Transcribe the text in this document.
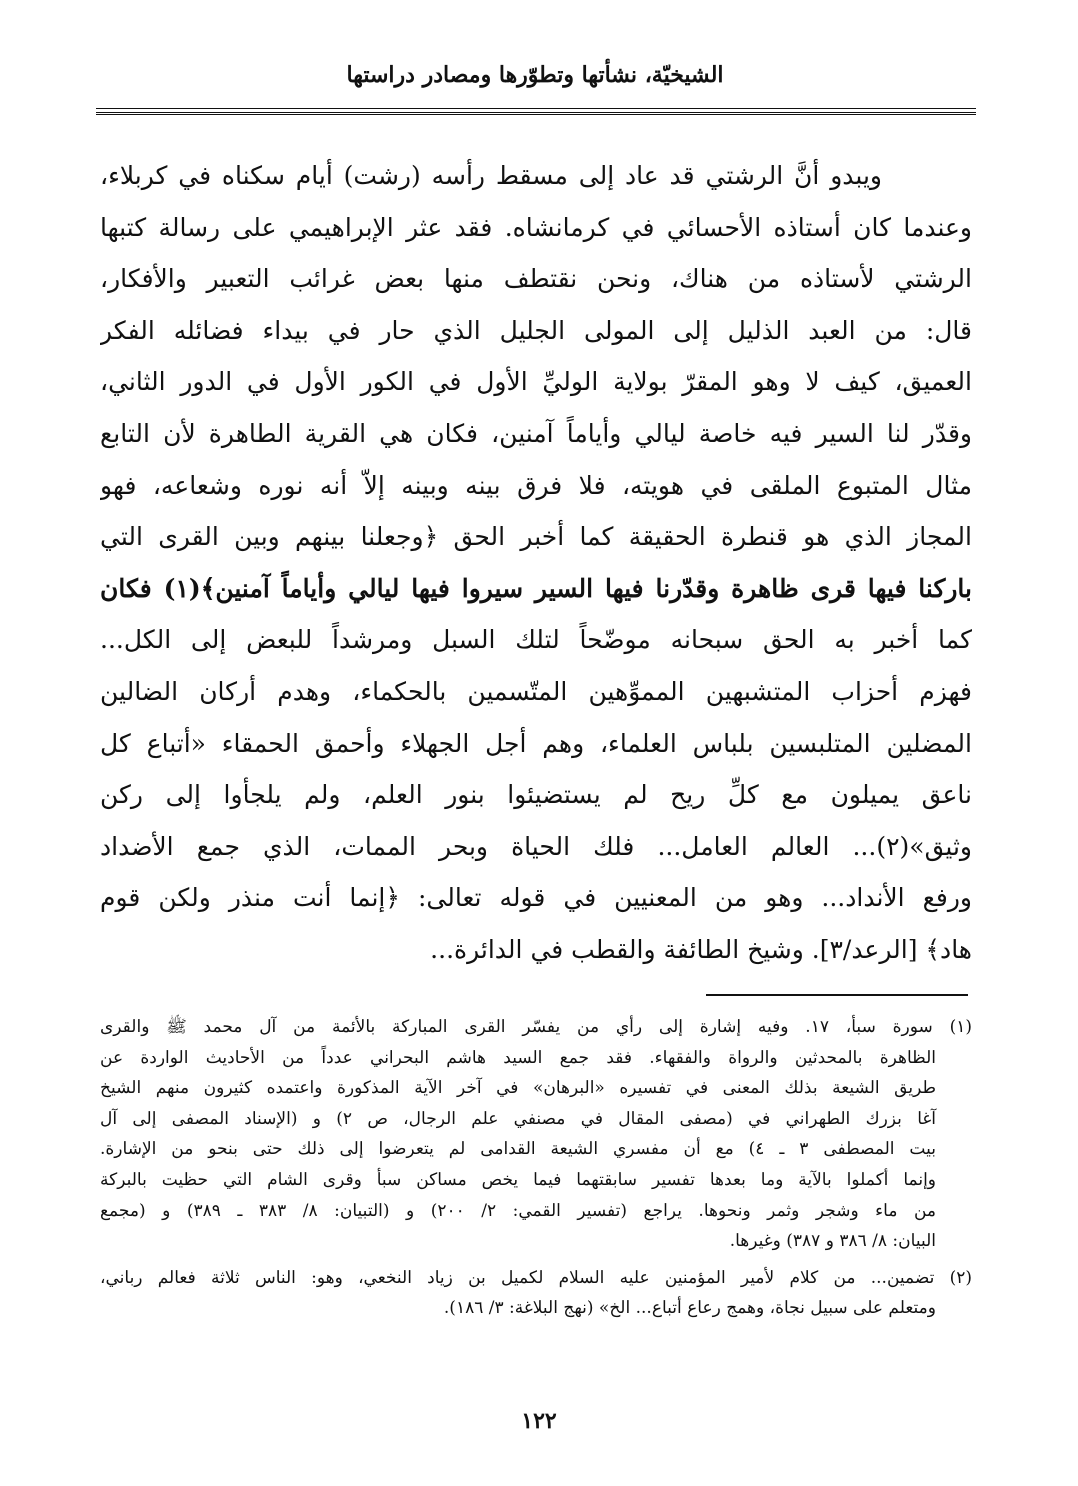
الشيخيّة، نشأتها وتطوّرها ومصادر دراستها
ويبدو أنَّ الرشتي قد عاد إلى مسقط رأسه (رشت) أيام سكناه في كربلاء،
وعندما كان أستاذه الأحسائي في كرمانشاه. فقد عثر الإبراهيمي على رسالة كتبها
الرشتي لأستاذه من هناك، ونحن نقتطف منها بعض غرائب التعبير والأفكار،
قال: من العبد الذليل إلى المولى الجليل الذي حار في بيداء فضائله الفكر
العميق، كيف لا وهو المقرّ بولاية الوليِّ الأول في الكور الأول في الدور الثاني،
وقدّر لنا السير فيه خاصة ليالي وأياماً آمنين، فكان هي القرية الطاهرة لأن التابع
مثال المتبوع الملقى في هويته، فلا فرق بينه وبينه إلاّ أنه نوره وشعاعه، فهو
المجاز الذي هو قنطرة الحقيقة كما أخبر الحق ﴿وجعلنا بينهم وبين القرى التي
باركنا فيها قرى ظاهرة وقدّرنا فيها السير سيروا فيها ليالي وأياماً آمنين﴾(١) فكان
كما أخبر به الحق سبحانه موضّحاً لتلك السبل ومرشداً للبعض إلى الكل...
فهزم أحزاب المتشبهين المموِّهين المتّسمين بالحكماء، وهدم أركان الضالين
المضلين المتلبسين بلباس العلماء، وهم أجل الجهلاء وأحمق الحمقاء «أتباع كل
ناعق يميلون مع كلِّ ريح لم يستضيئوا بنور العلم، ولم يلجأوا إلى ركن
وثيق»(٢)... العالم العامل... فلك الحياة وبحر الممات، الذي جمع الأضداد
ورفع الأنداد... وهو من المعنيين في قوله تعالى: ﴿إنما أنت منذر ولكن قوم
هاد﴾ [الرعد/٣]. وشيخ الطائفة والقطب في الدائرة...
(١) سورة سبأ، ١٧. وفيه إشارة إلى رأي من يفسّر القرى المباركة بالأئمة من آل محمد ﷺ والقرى
الظاهرة بالمحدثين والرواة والفقهاء. فقد جمع السيد هاشم البحراني عدداً من الأحاديث الواردة عن
طريق الشيعة بذلك المعنى في تفسيره «البرهان» في آخر الآية المذكورة واعتمده كثيرون منهم الشيخ
آغا بزرك الطهراني في (مصفى المقال في مصنفي علم الرجال، ص ٢) و (الإسناد المصفى إلى آل
بيت المصطفى ٣ ـ ٤) مع أن مفسري الشيعة القدامى لم يتعرضوا إلى ذلك حتى بنحو من الإشارة.
وإنما أكملوا بالآية وما بعدها تفسير سابقتهما فيما يخص مساكن سبأ وقرى الشام التي حظيت بالبركة
من ماء وشجر وثمر ونحوها. يراجع (تفسير القمي: ٢/ ٢٠٠) و (التبيان: ٨/ ٣٨٣ ـ ٣٨٩) و (مجمع
البيان: ٨/ ٣٨٦ و ٣٨٧) وغيرها.
(٢) تضمين... من كلام لأمير المؤمنين عليه السلام لكميل بن زياد النخعي، وهو: الناس ثلاثة فعالم رباني،
ومتعلم على سبيل نجاة، وهمج رعاع أتباع... الخ» (نهج البلاغة: ٣/ ١٨٦).
١٢٢
